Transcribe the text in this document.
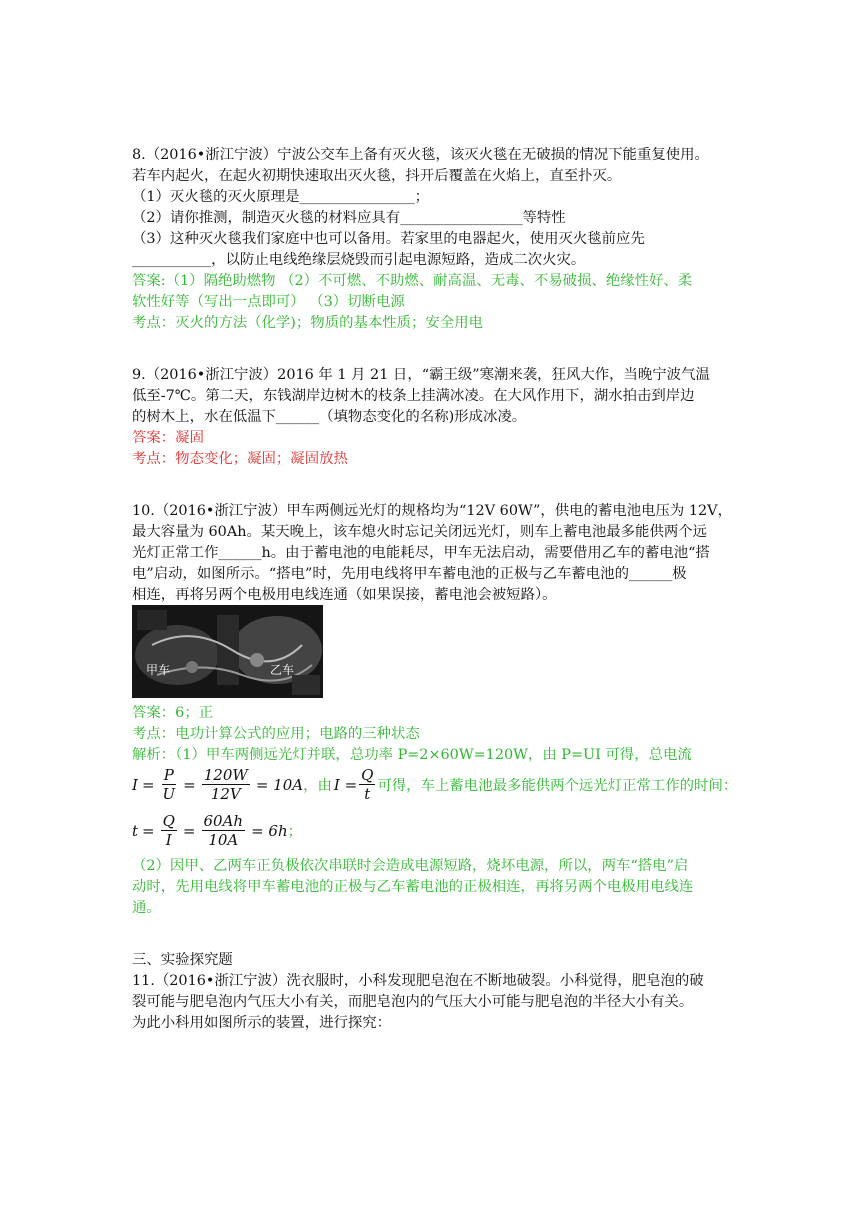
8.（2016•浙江宁波）宁波公交车上备有灭火毯，该灭火毯在无破损的情况下能重复使用。
若车内起火，在起火初期快速取出灭火毯，抖开后覆盖在火焰上，直至扑灭。
（1）灭火毯的灭火原理是________________；
（2）请你推测，制造灭火毯的材料应具有_________________等特性
（3）这种灭火毯我们家庭中也可以备用。若家里的电器起火，使用灭火毯前应先
___________，以防止电线绝缘层烧毁而引起电源短路，造成二次火灾。
答案:（1）隔绝助燃物 （2）不可燃、不助燃、耐高温、无毒、不易破损、绝缘性好、柔
软性好等（写出一点即可） （3）切断电源
考点：灭火的方法（化学)；物质的基本性质；安全用电
9.（2016•浙江宁波）2016 年 1 月 21 日，“霸王级”寒潮来袭，狂风大作，当晚宁波气温
低至-7℃。第二天，东钱湖岸边树木的枝条上挂满冰凌。在大风作用下，湖水拍击到岸边
的树木上，水在低温下______（填物态变化的名称)形成冰凌。
答案：凝固
考点：物态变化；凝固；凝固放热
10.（2016•浙江宁波）甲车两侧远光灯的规格均为“12V 60W”，供电的蓄电池电压为 12V，
最大容量为 60Ah。某天晚上，该车熄火时忘记关闭远光灯，则车上蓄电池最多能供两个远
光灯正常工作______h。由于蓄电池的电能耗尽，甲车无法启动，需要借用乙车的蓄电池“搭
电”启动，如图所示。“搭电”时，先用电线将甲车蓄电池的正极与乙车蓄电池的______极
相连，再将另两个电极用电线连通（如果误接，蓄电池会被短路）。
甲车	乙车
答案：6；正
考点：电功计算公式的应用；电路的三种状态
解析：（1）甲车两侧远光灯并联，总功率 P=2×60W=120W，由 P=UI 可得，总电流
$I = \frac{P}{U} = \frac{120W}{12V} = 10A$ ，由 $I = \frac{Q}{t}$ 可得，车上蓄电池最多能供两个远光灯正常工作的时间：
$t = \frac{Q}{I} = \frac{60Ah}{10A} = 6h$ ；
（2）因甲、乙两车正负极依次串联时会造成电源短路，烧坏电源，所以，两车“搭电”启
动时，先用电线将甲车蓄电池的正极与乙车蓄电池的正极相连，再将另两个电极用电线连
通。
三、实验探究题
11.（2016•浙江宁波）洗衣服时，小科发现肥皂泡在不断地破裂。小科觉得，肥皂泡的破
裂可能与肥皂泡内气压大小有关，而肥皂泡内的气压大小可能与肥皂泡的半径大小有关。
为此小科用如图所示的装置，进行探究：
